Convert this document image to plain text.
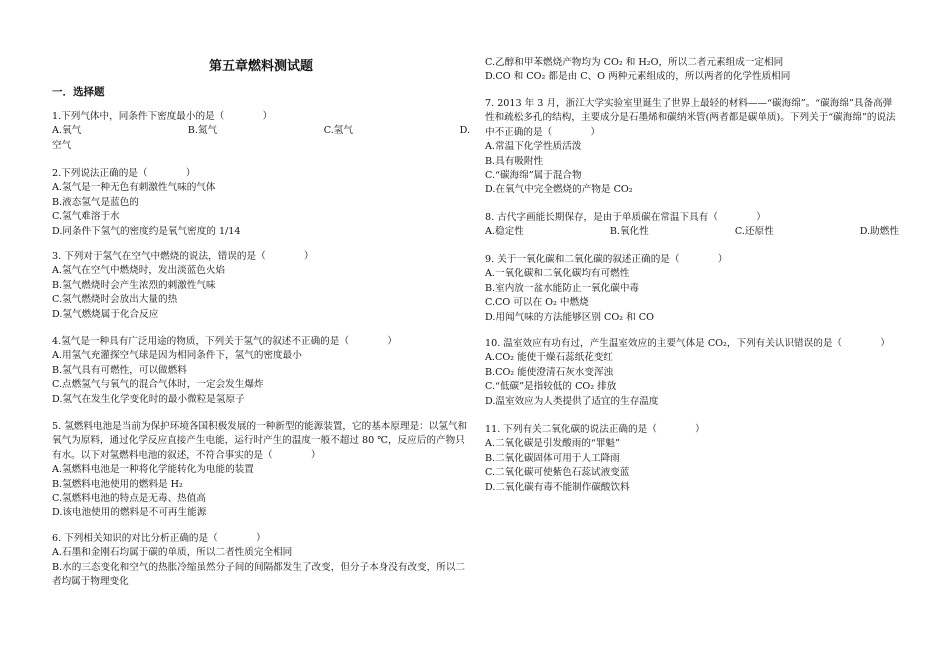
第五章燃料测试题
一．选择题

1.下列气体中，同条件下密度最小的是（　　　　）

A.氧气	B.氮气	C.氢气	D.

空气

2.下列说法正确的是（　　　　）

A.氢气是一种无色有刺激性气味的气体

B.液态氢气是蓝色的

C.氢气难溶于水

D.同条件下氢气的密度约是氧气密度的 1/14

3. 下列对于氢气在空气中燃烧的说法，错误的是（　　　　）

A.氢气在空气中燃烧时，发出淡蓝色火焰

B.氢气燃烧时会产生浓烈的刺激性气味

C.氢气燃烧时会放出大量的热

D.氢气燃烧属于化合反应

4.氢气是一种具有广泛用途的物质，下列关于氢气的叙述不正确的是（　　　　）

A.用氢气充灌探空气球是因为相同条件下，氢气的密度最小

B.氢气具有可燃性，可以做燃料

C.点燃氢气与氧气的混合气体时，一定会发生爆炸

D.氢气在发生化学变化时的最小微粒是氢原子

5. 氢燃料电池是当前为保护环境各国积极发展的一种新型的能源装置，它的基本原理是：以氢气和氧气为原料，通过化学反应直接产生电能，运行时产生的温度一般不超过 80 ℃，反应后的产物只有水。以下对氢燃料电池的叙述，不符合事实的是（　　　　）

A.氢燃料电池是一种将化学能转化为电能的装置

B.氢燃料电池使用的燃料是 H₂

C.氢燃料电池的特点是无毒、热值高

D.该电池使用的燃料是不可再生能源

6. 下列相关知识的对比分析正确的是（　　　　）

A.石墨和金刚石均属于碳的单质，所以二者性质完全相同

B.水的三态变化和空气的热胀冷缩虽然分子间的间隔都发生了改变，但分子本身没有改变，所以二者均属于物理变化

C.乙醇和甲苯燃烧产物均为 CO₂ 和 H₂O，所以二者元素组成一定相同

D.CO 和 CO₂ 都是由 C、O 两种元素组成的，所以两者的化学性质相同

7. 2013 年 3 月，浙江大学实验室里诞生了世界上最轻的材料——“碳海绵”。“碳海绵”具备高弹性和疏松多孔的结构，主要成分是石墨烯和碳纳米管(两者都是碳单质)。下列关于“碳海绵”的说法中不正确的是（　　　　）

A.常温下化学性质活泼

B.具有吸附性

C.“碳海绵”属于混合物

D.在氧气中完全燃烧的产物是 CO₂

8. 古代字画能长期保存，是由于单质碳在常温下具有（　　　　）

A.稳定性	B.氧化性	C.还原性	D.助燃性

9. 关于一氧化碳和二氧化碳的叙述正确的是（　　　　）

A.一氧化碳和二氧化碳均有可燃性

B.室内放一盆水能防止一氧化碳中毒

C.CO 可以在 O₂ 中燃烧

D.用闻气味的方法能够区别 CO₂ 和 CO

10. 温室效应有功有过，产生温室效应的主要气体是 CO₂，下列有关认识错误的是（　　　　）

A.CO₂ 能使干燥石蕊纸花变红

B.CO₂ 能使澄清石灰水变浑浊

C.“低碳”是指较低的 CO₂ 排放

D.温室效应为人类提供了适宜的生存温度

11. 下列有关二氧化碳的说法正确的是（　　　　）

A.二氧化碳是引发酸雨的“罪魁”

B.二氧化碳固体可用于人工降雨

C.二氧化碳可使紫色石蕊试液变蓝

D.二氧化碳有毒不能制作碳酸饮料
